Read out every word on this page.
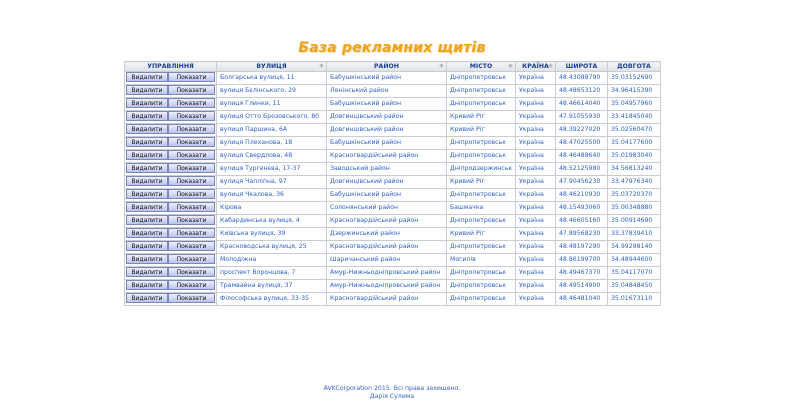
База рекламних щитів
УПРАВЛІННЯ	ВУЛИЦЯ ⁜	РАЙОН ⁜	МІСТО ⁜	КРАЇНА ⁜	ШИРОТА	ДОВГОТА
Видалити Показати	Болгарська вулиця, 11	Бабушкінський район	Дніпропетровськ	Україна	48.43088790	35.03152690
Видалити Показати	вулиця Бєлінського, 29	Ленінський район	Дніпропетровськ	Україна	48.48653120	34.96415390
Видалити Показати	вулиця Глинки, 11	Бабушкінський район	Дніпропетровськ	Україна	48.46614040	35.04957960
Видалити Показати	вулиця Отто Брозовського, 80	Довгинцівський район	Кривий Ріг	Україна	47.91055930	33.41845040
Видалити Показати	вулиця Паршина, 6А	Довгинцівський район	Кривий Ріг	Україна	48.39227020	35.02560470
Видалити Показати	вулиця Плеханова, 18	Бабушкінський район	Дніпропетровськ	Україна	48.47025500	35.04177600
Видалити Показати	вулиця Свердлова, 48	Красногвардійський район	Дніпропетровськ	Україна	48.46488640	35.01983040
Видалити Показати	вулиця Тургенєва, 17-37	Заводський район	Дніпродзержинськ	Україна	48.52125980	34.56813240
Видалити Показати	вулиця Чапліпна, 97	Довгинцівський район	Кривий Ріг	Україна	47.90456230	33.47976340
Видалити Показати	вулиця Чкалова, 36	Бабушкінський район	Дніпропетровськ	Україна	48.46210930	35.03720370
Видалити Показати	Кірова	Солонянський район	Башмачка	Україна	48.15493060	35.00348880
Видалити Показати	Кабардинська вулиця, 4	Красногвардійський район	Дніпропетровськ	Україна	48.46605160	35.00914690
Видалити Показати	Київська вулиця, 39	Дзержинський район	Кривий Ріг	Україна	47.89568230	33.37839410
Видалити Показати	Красноводська вулиця, 25	Красногвардійський район	Дніпропетровськ	Україна	48.48197290	34.99298140
Видалити Показати	Молодіжна	Шаричанський район	Могилів	Україна	48.86199700	34.48944600
Видалити Показати	проспект Воронцова, 7	Амур-Нижньодніпровський район	Дніпропетровськ	Україна	48.49467370	35.04117070
Видалити Показати	Трамвайна вулиця, 37	Амур-Нижньодніпровський район	Дніпропетровськ	Україна	48.49514900	35.04848450
Видалити Показати	Філософська вулиця, 33-35	Красногвардійський район	Дніпропетровськ	Україна	48.46481040	35.01673110
AVKCorporation 2015. Всі права захищено.
Дарія Сулима
